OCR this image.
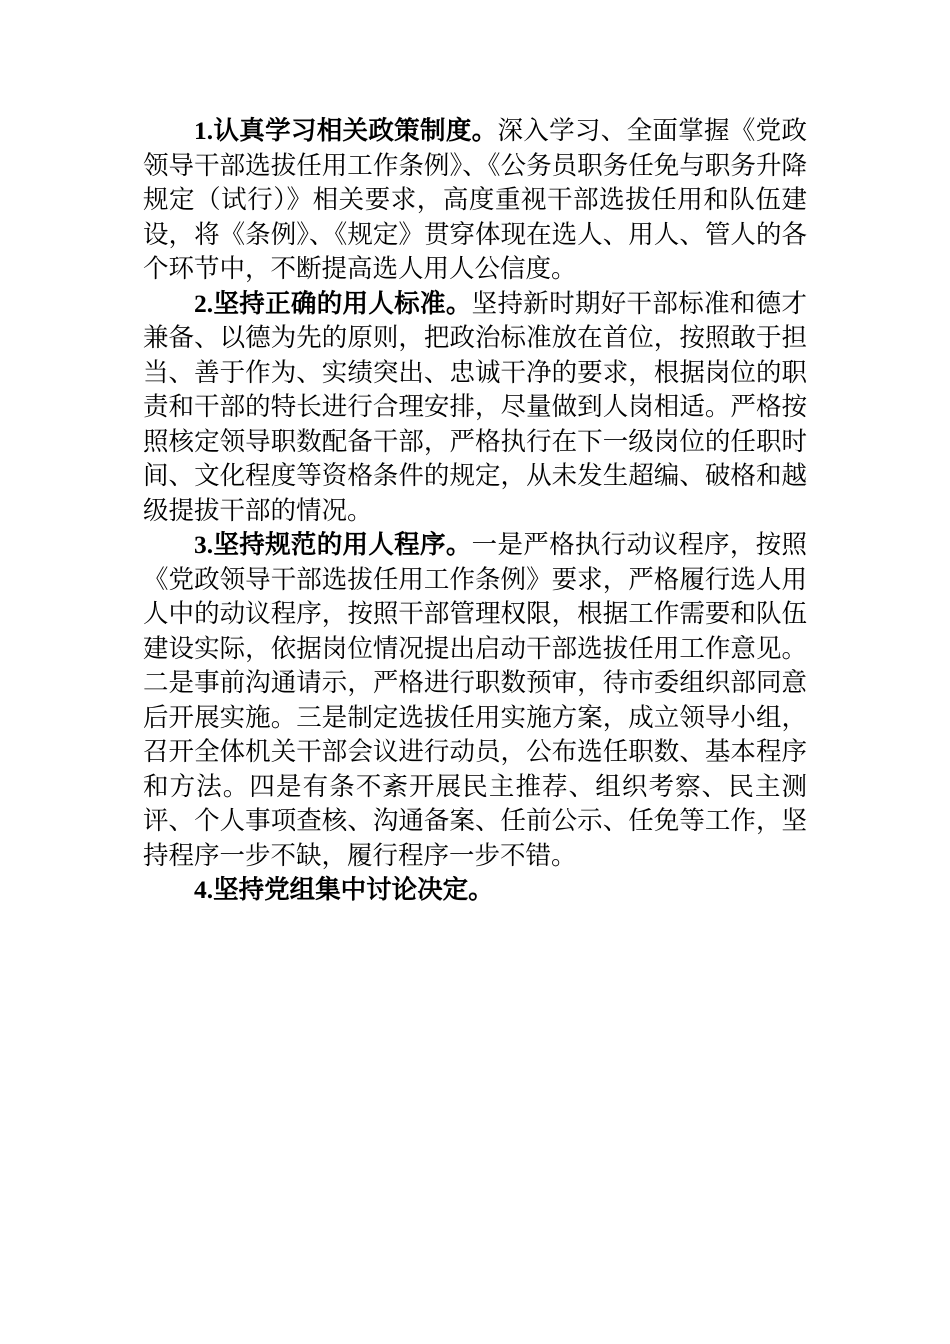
1.认真学习相关政策制度。深入学习、全面掌握《党政领导干部选拔任用工作条例》、《公务员职务任免与职务升降规定（试行）》相关要求，高度重视干部选拔任用和队伍建设，将《条例》、《规定》贯穿体现在选人、用人、管人的各个环节中，不断提高选人用人公信度。

2.坚持正确的用人标准。坚持新时期好干部标准和德才兼备、以德为先的原则，把政治标准放在首位，按照敢于担当、善于作为、实绩突出、忠诚干净的要求，根据岗位的职责和干部的特长进行合理安排，尽量做到人岗相适。严格按照核定领导职数配备干部，严格执行在下一级岗位的任职时间、文化程度等资格条件的规定，从未发生超编、破格和越级提拔干部的情况。

3.坚持规范的用人程序。一是严格执行动议程序，按照《党政领导干部选拔任用工作条例》要求，严格履行选人用人中的动议程序，按照干部管理权限，根据工作需要和队伍建设实际，依据岗位情况提出启动干部选拔任用工作意见。二是事前沟通请示，严格进行职数预审，待市委组织部同意后开展实施。三是制定选拔任用实施方案，成立领导小组，召开全体机关干部会议进行动员，公布选任职数、基本程序和方法。四是有条不紊开展民主推荐、组织考察、民主测评、个人事项查核、沟通备案、任前公示、任免等工作，坚持程序一步不缺，履行程序一步不错。

4.坚持党组集中讨论决定。
